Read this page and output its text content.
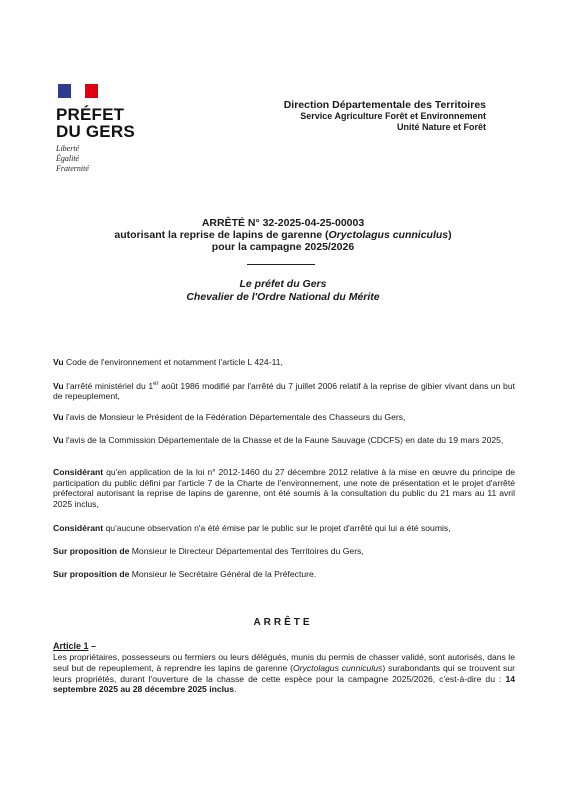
PRÉFET
DU GERS
Liberté
Égalité
Fraternité
Direction Départementale des Territoires
Service Agriculture Forêt et Environnement
Unité Nature et Forêt
ARRÊTÉ N° 32-2025-04-25-00003
autorisant la reprise de lapins de garenne (Oryctolagus cunniculus)
pour la campagne 2025/2026
Le préfet du Gers
Chevalier de l'Ordre National du Mérite

Vu Code de l'environnement et notamment l'article L 424-11,

Vu l'arrêté ministériel du 1er août 1986 modifié par l'arrêté du 7 juillet 2006 relatif à la reprise de gibier vivant dans un but de repeuplement,

Vu l'avis de Monsieur le Président de la Fédération Départementale des Chasseurs du Gers,

Vu l'avis de la Commission Départementale de la Chasse et de la Faune Sauvage (CDCFS) en date du 19 mars 2025,

Considérant qu'en application de la loi n° 2012-1460 du 27 décembre 2012 relative à la mise en œuvre du principe de participation du public défini par l'article 7 de la Charte de l'environnement, une note de présentation et le projet d'arrêté préfectoral autorisant la reprise de lapins de garenne, ont été soumis à la consultation du public du 21 mars au 11 avril 2025 inclus,

Considérant qu'aucune observation n'a été émise par le public sur le projet d'arrêté qui lui a été soumis,

Sur proposition de Monsieur le Directeur Départemental des Territoires du Gers,

Sur proposition de Monsieur le Secrétaire Général de la Préfecture.

ARRÊTE
Article 1 –

Les propriétaires, possesseurs ou fermiers ou leurs délégués, munis du permis de chasser validé, sont autorisés, dans le seul but de repeuplement, à reprendre les lapins de garenne (Oryctolagus cunniculus) surabondants qui se trouvent sur leurs propriétés, durant l'ouverture de la chasse de cette espèce pour la campagne 2025/2026, c'est-à-dire du : 14 septembre 2025 au 28 décembre 2025 inclus.
